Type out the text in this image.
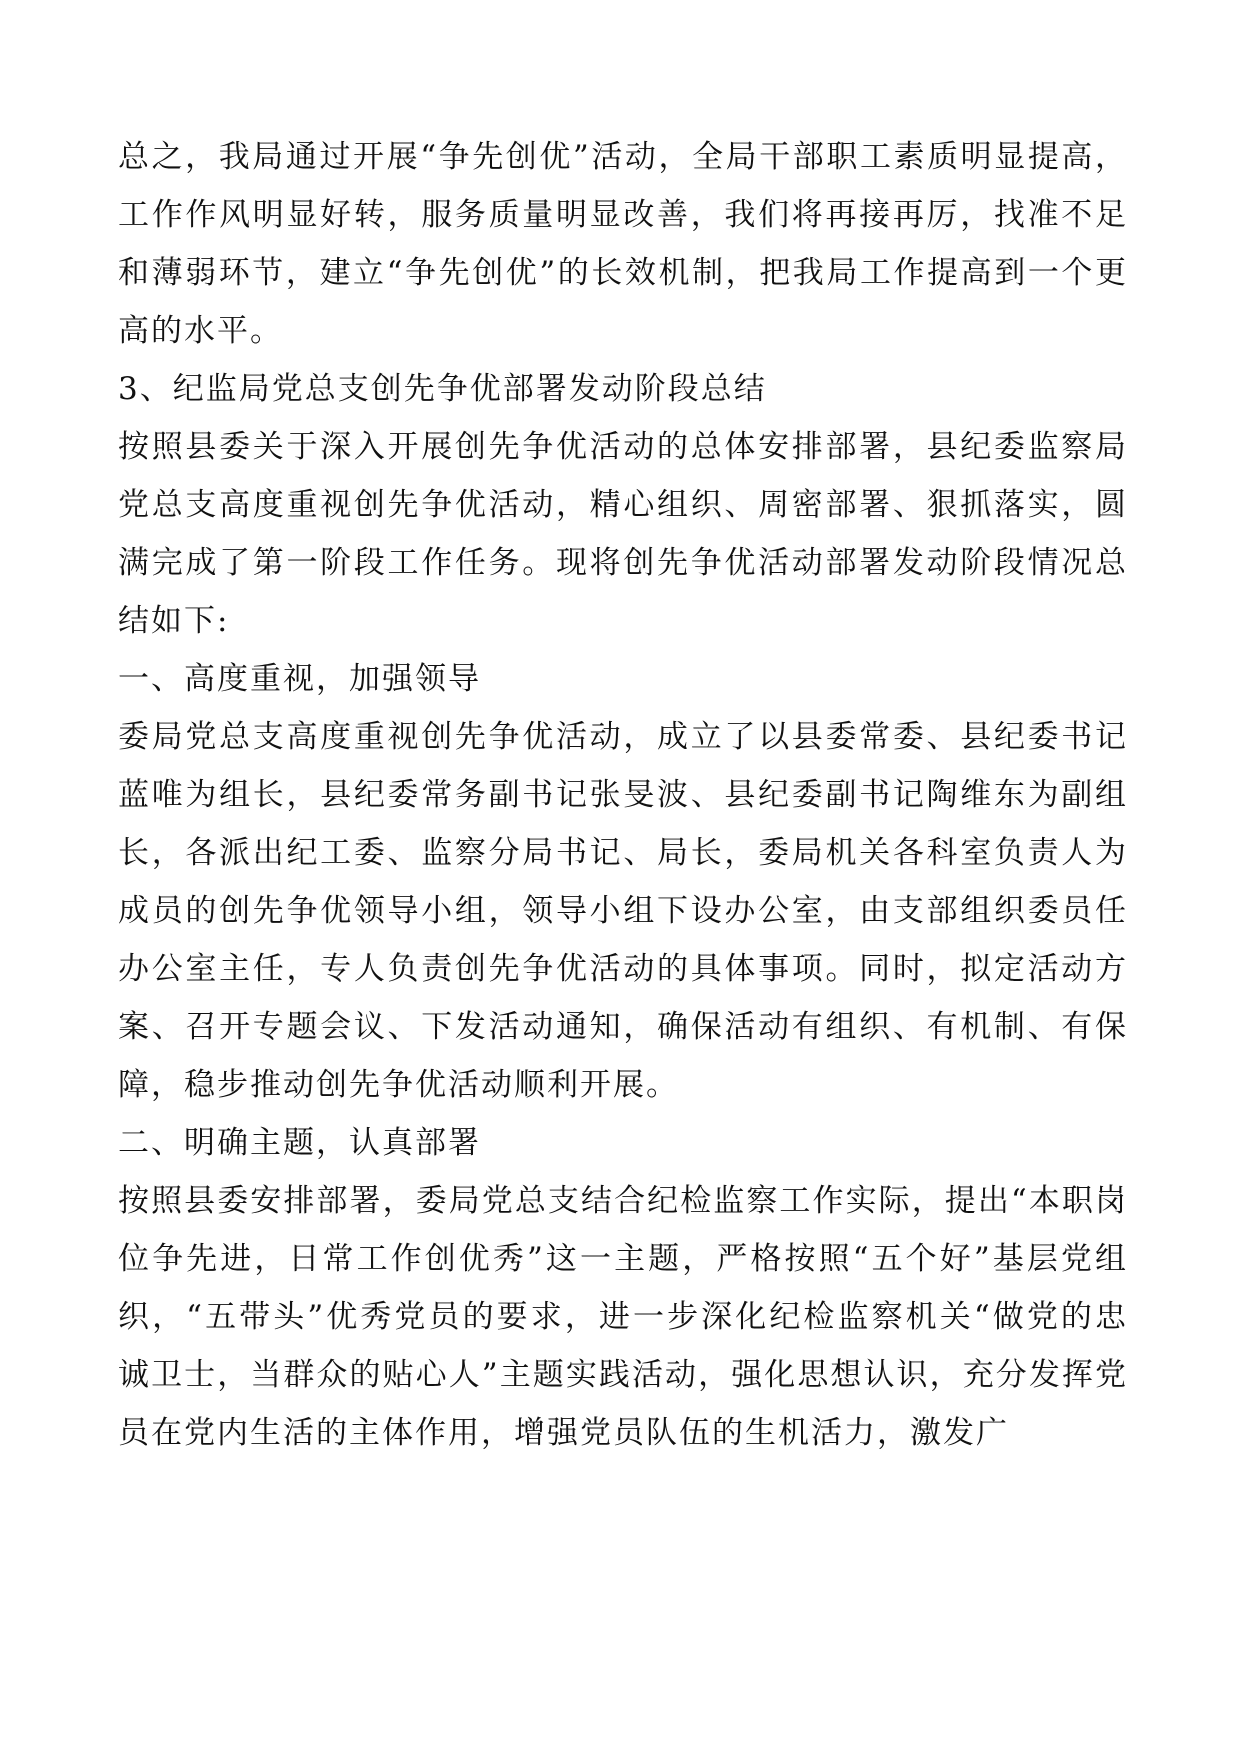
总之，我局通过开展“争先创优”活动，全局干部职工素质明显提高，工作作风明显好转，服务质量明显改善，我们将再接再厉，找准不足和薄弱环节，建立“争先创优”的长效机制，把我局工作提高到一个更高的水平。

3、纪监局党总支创先争优部署发动阶段总结

按照县委关于深入开展创先争优活动的总体安排部署，县纪委监察局党总支高度重视创先争优活动，精心组织、周密部署、狠抓落实，圆满完成了第一阶段工作任务。现将创先争优活动部署发动阶段情况总结如下:

一、高度重视，加强领导

委局党总支高度重视创先争优活动，成立了以县委常委、县纪委书记蓝唯为组长，县纪委常务副书记张旻波、县纪委副书记陶维东为副组长，各派出纪工委、监察分局书记、局长，委局机关各科室负责人为成员的创先争优领导小组，领导小组下设办公室，由支部组织委员任办公室主任，专人负责创先争优活动的具体事项。同时，拟定活动方案、召开专题会议、下发活动通知，确保活动有组织、有机制、有保障，稳步推动创先争优活动顺利开展。

二、明确主题，认真部署

按照县委安排部署，委局党总支结合纪检监察工作实际，提出“本职岗位争先进，日常工作创优秀”这一主题，严格按照“五个好”基层党组织，“五带头”优秀党员的要求，进一步深化纪检监察机关“做党的忠诚卫士，当群众的贴心人”主题实践活动，强化思想认识，充分发挥党员在党内生活的主体作用，增强党员队伍的生机活力，激发广
